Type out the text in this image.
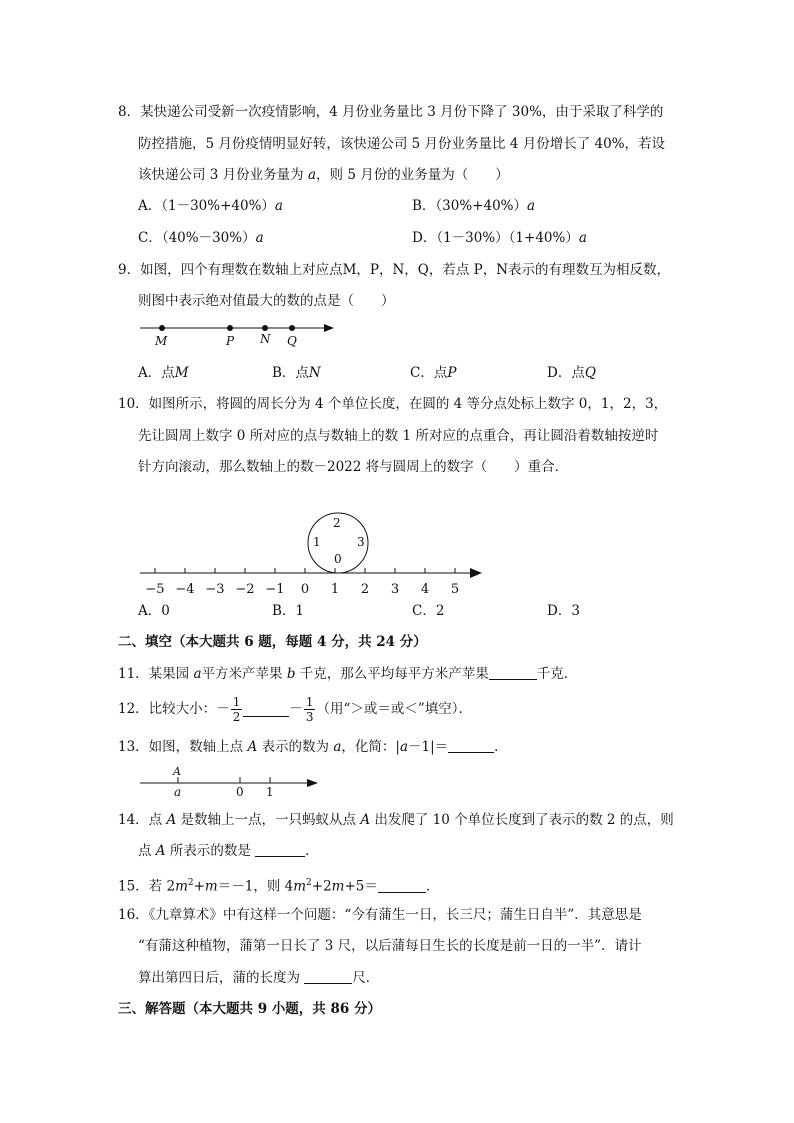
8．某快递公司受新一次疫情影响，4 月份业务量比 3 月份下降了 30%，由于采取了科学的
防控措施，5 月份疫情明显好转，该快递公司 5 月份业务量比 4 月份增长了 40%，若设
该快递公司 3 月份业务量为 a，则 5 月份的业务量为（　　）
A．（1－30%+40%）a	B．（30%+40%）a
C．（40%－30%）a	D．（1－30%）（1+40%）a
9．如图，四个有理数在数轴上对应点M，P，N，Q，若点 P，N表示的有理数互为相反数，
则图中表示绝对值最大的数的点是（　　）
M	P N Q
A．点M	B．点N	C．点P	D．点Q
10．如图所示，将圆的周长分为 4 个单位长度，在圆的 4 等分点处标上数字 0，1，2，3，
先让圆周上数字 0 所对应的点与数轴上的数 1 所对应的点重合，再让圆沿着数轴按逆时
针方向滚动，那么数轴上的数－2022 将与圆周上的数字（　　）重合．
2
1	3
0
−5 −4 −3 −2 −1 0 1 2 3 4 5
A．0	B．1	C．2	D．3
二、填空（本大题共 6 题，每题 4 分，共 24 分）
11．某果园 a平方米产苹果 b 千克，那么平均每平方米产苹果	千克．
12．比较大小：－ $\frac{1}{2}$	－ $\frac{1}{3}$ （用“＞或＝或＜”填空）．
13．如图，数轴上点 A 表示的数为 a，化简：|a－1|＝	．
A
a	0 1
14．点 A 是数轴上一点，一只蚂蚁从点 A 出发爬了 10 个单位长度到了表示的数 2 的点，则
点 A 所表示的数是	．
15．若 $2m^2+m=-1$，则 $4m^2+2m+5=$	．
16．《九章算术》中有这样一个问题：“今有蒲生一日，长三尺；蒲生日自半”．其意思是
“有蒲这种植物，蒲第一日长了 3 尺，以后蒲每日生长的长度是前一日的一半”．请计
算出第四日后，蒲的长度为	尺．
三、解答题（本大题共 9 小题，共 86 分）
